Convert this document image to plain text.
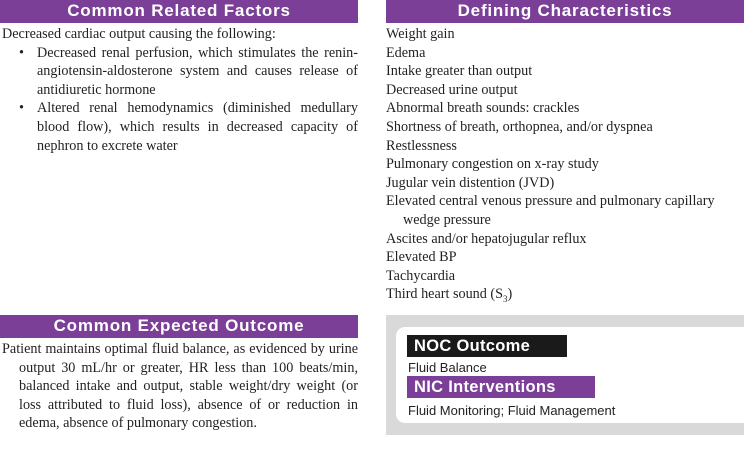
Common Related Factors

Decreased cardiac output causing the following:

• Decreased renal perfusion, which stimulates the renin-angiotensin-aldosterone system and causes release of antidiuretic hormone
• Altered renal hemodynamics (diminished medullary blood flow), which results in decreased capacity of nephron to excrete water
Defining Characteristics
Weight gain
Edema
Intake greater than output
Decreased urine output
Abnormal breath sounds: crackles
Shortness of breath, orthopnea, and/or dyspnea
Restlessness
Pulmonary congestion on x-ray study
Jugular vein distention (JVD)
Elevated central venous pressure and pulmonary capillary wedge pressure
Ascites and/or hepatojugular reflux
Elevated BP
Tachycardia
Third heart sound $(S_3)$
Common Expected Outcome

Patient maintains optimal fluid balance, as evidenced by urine output 30 mL/hr or greater, HR less than 100 beats/min, balanced intake and output, stable weight/dry weight (or loss attributed to fluid loss), absence of or reduction in edema, absence of pulmonary congestion.

NOC Outcome
Fluid Balance
NIC Interventions
Fluid Monitoring; Fluid Management
